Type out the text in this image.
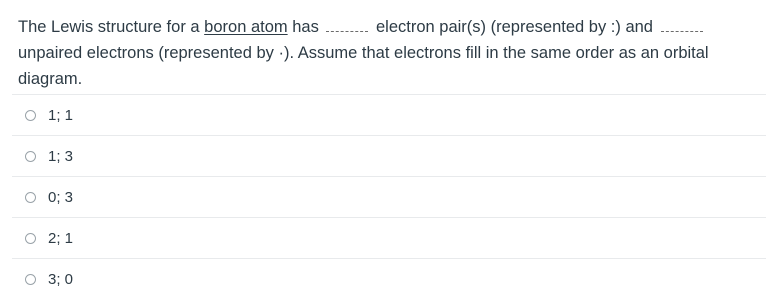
The Lewis structure for a boron atom has	electron pair(s) (represented by :) and  unpaired electrons (represented by ·). Assume that electrons fill in the same order as an orbital diagram.
1; 1
1; 3
0; 3
2; 1
3; 0
